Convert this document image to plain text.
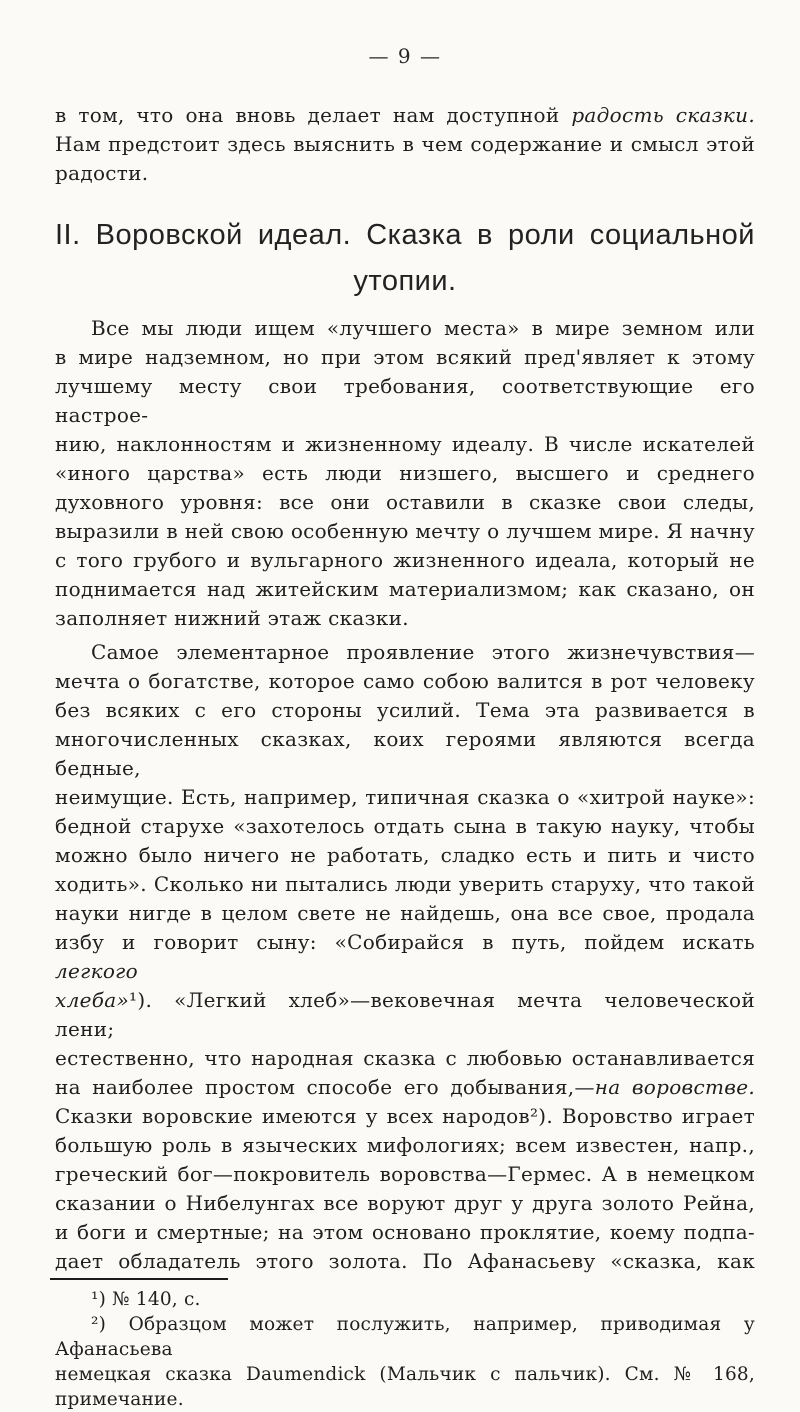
— 9 —
в том, что она вновь делает нам доступной радость сказки.
Нам предстоит здесь выяснить в чем содержание и смысл этой
радости.
II. Воровской идеал. Сказка в роли социальной
утопии.
Все мы люди ищем «лучшего места» в мире земном или
в мире надземном, но при этом всякий пред'являет к этому
лучшему месту свои требования, соответствующие его настрое-
нию, наклонностям и жизненному идеалу. В числе искателей
«иного царства» есть люди низшего, высшего и среднего
духовного уровня: все они оставили в сказке свои следы,
выразили в ней свою особенную мечту о лучшем мире. Я начну
с того грубого и вульгарного жизненного идеала, который не
поднимается над житейским материализмом; как сказано, он
заполняет нижний этаж сказки.
Самое элементарное проявление этого жизнечувствия—
мечта о богатстве, которое само собою валится в рот человеку
без всяких с его стороны усилий. Тема эта развивается в
многочисленных сказках, коих героями являются всегда бедные,
неимущие. Есть, например, типичная сказка о «хитрой науке»:
бедной старухе «захотелось отдать сына в такую науку, чтобы
можно было ничего не работать, сладко есть и пить и чисто
ходить». Сколько ни пытались люди уверить старуху, что такой
науки нигде в целом свете не найдешь, она все свое, продала
избу и говорит сыну: «Собирайся в путь, пойдем искать легкого
хлеба»¹). «Легкий хлеб»—вековечная мечта человеческой лени;
естественно, что народная сказка с любовью останавливается
на наиболее простом способе его добывания,—на воровстве.
Сказки воровские имеются у всех народов²). Воровство играет
большую роль в языческих мифологиях; всем известен, напр.,
греческий бог—покровитель воровства—Гермес. А в немецком
сказании о Нибелунгах все воруют друг у друга золото Рейна,
и боги и смертные; на этом основано проклятие, коему подпа-
дает обладатель этого золота. По Афанасьеву «сказка, как
¹) № 140, с.
²) Образцом может послужить, например, приводимая у Афанасьева
немецкая сказка Daumendick (Мальчик с пальчик). См. № 168, примечание.
